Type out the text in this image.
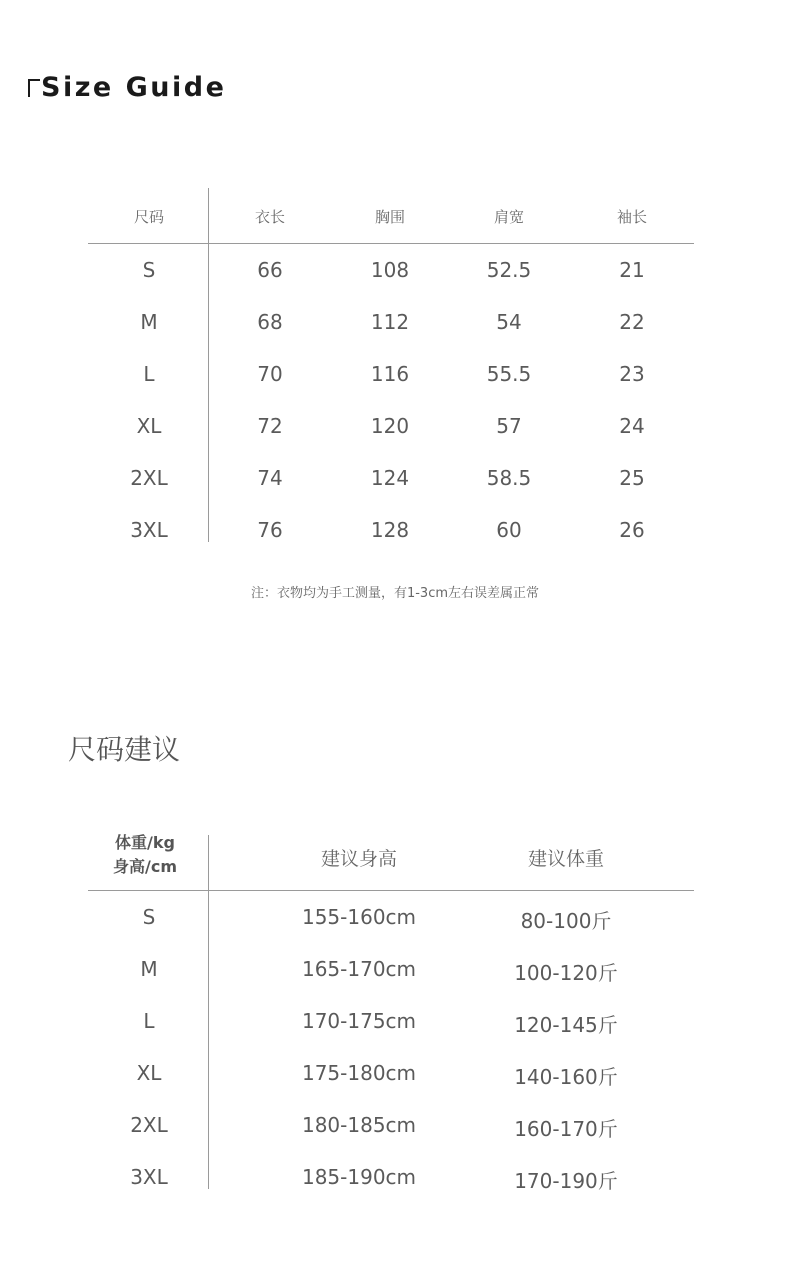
Size Guide
尺码	衣长	胸围	肩宽	袖长
S	66	108	52.5	21
M	68	112	54	22
L	70	116	55.5	23
XL	72	120	57	24
2XL	74	124	58.5	25
3XL	76	128	60	26
注：衣物均为手工测量，有1-3cm左右误差属正常
尺码建议
体重/kg
身高/cm	建议身高	建议体重
S	155-160cm	80-100斤
M	165-170cm	100-120斤
L	170-175cm	120-145斤
XL	175-180cm	140-160斤
2XL	180-185cm	160-170斤
3XL	185-190cm	170-190斤
